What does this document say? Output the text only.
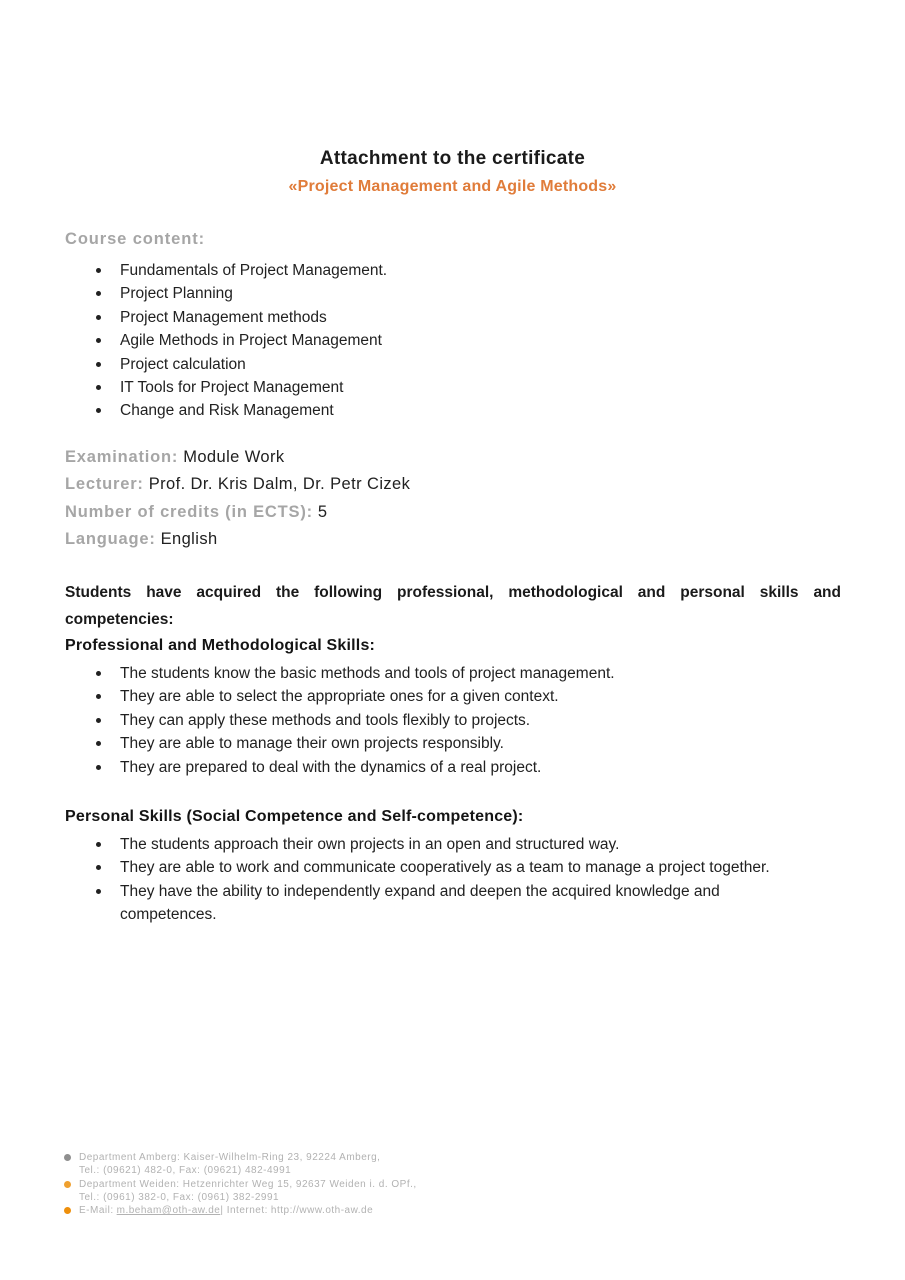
Attachment to the certificate
«Project Management and Agile Methods»
Course content:
Fundamentals of Project Management.
Project Planning
Project Management methods
Agile Methods in Project Management
Project calculation
IT Tools for Project Management
Change and Risk Management

Examination: Module Work

Lecturer: Prof. Dr. Kris Dalm, Dr. Petr Cizek

Number of credits (in ECTS): 5

Language: English

Students have acquired the following professional, methodological and personal skills and competencies:

Professional and Methodological Skills:
The students know the basic methods and tools of project management.
They are able to select the appropriate ones for a given context.
They can apply these methods and tools flexibly to projects.
They are able to manage their own projects responsibly.
They are prepared to deal with the dynamics of a real project.
Personal Skills (Social Competence and Self-competence):
The students approach their own projects in an open and structured way.
They are able to work and communicate cooperatively as a team to manage a project together.
They have the ability to independently expand and deepen the acquired knowledge and competences.

Department Amberg: Kaiser-Wilhelm-Ring 23, 92224 Amberg,

Tel.: (09621) 482-0, Fax: (09621) 482-4991

Department Weiden: Hetzenrichter Weg 15, 92637 Weiden i. d. OPf.,

Tel.: (0961) 382-0, Fax: (0961) 382-2991

E-Mail: m.beham@oth-aw.de| Internet: http://www.oth-aw.de
